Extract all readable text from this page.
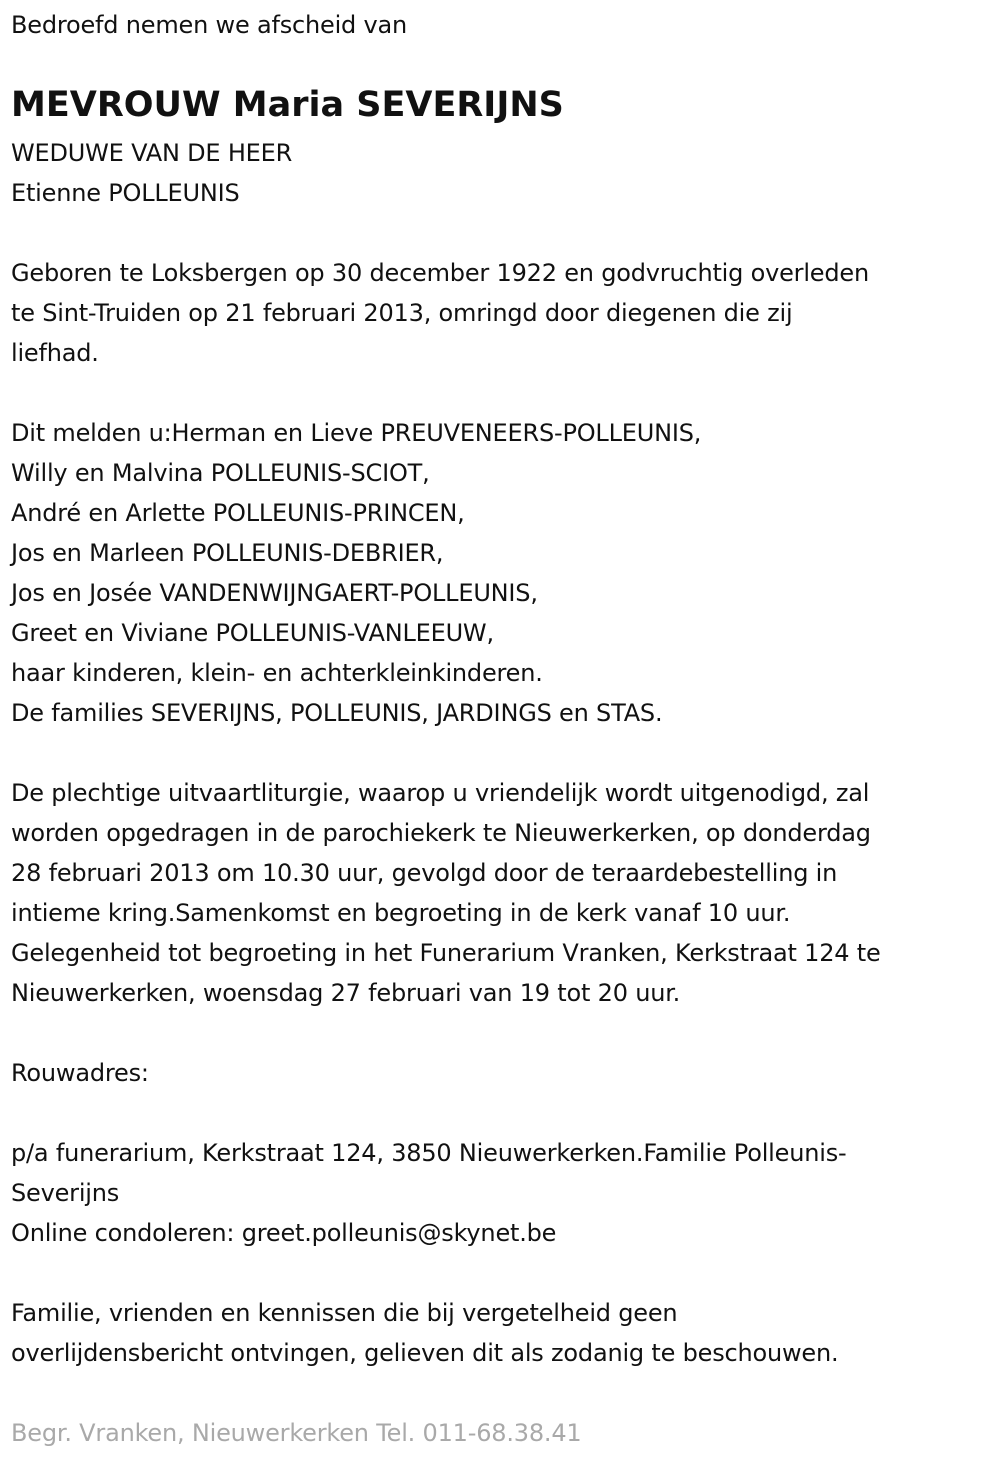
Bedroefd nemen we afscheid van
MEVROUW Maria SEVERIJNS
WEDUWE VAN DE HEER
Etienne POLLEUNIS
Geboren te Loksbergen op 30 december 1922 en godvruchtig overleden
te Sint-Truiden op 21 februari 2013, omringd door diegenen die zij
liefhad.
Dit melden u:Herman en Lieve PREUVENEERS-POLLEUNIS,
Willy en Malvina POLLEUNIS-SCIOT,
André en Arlette POLLEUNIS-PRINCEN,
Jos en Marleen POLLEUNIS-DEBRIER,
Jos en Josée VANDENWIJNGAERT-POLLEUNIS,
Greet en Viviane POLLEUNIS-VANLEEUW,
haar kinderen, klein- en achterkleinkinderen.
De families SEVERIJNS, POLLEUNIS, JARDINGS en STAS.
De plechtige uitvaartliturgie, waarop u vriendelijk wordt uitgenodigd, zal
worden opgedragen in de parochiekerk te Nieuwerkerken, op donderdag
28 februari 2013 om 10.30 uur, gevolgd door de teraardebestelling in
intieme kring.Samenkomst en begroeting in de kerk vanaf 10 uur.
Gelegenheid tot begroeting in het Funerarium Vranken, Kerkstraat 124 te
Nieuwerkerken, woensdag 27 februari van 19 tot 20 uur.
Rouwadres:
p/a funerarium, Kerkstraat 124, 3850 Nieuwerkerken.Familie Polleunis-
Severijns
Online condoleren: greet.polleunis@skynet.be
Familie, vrienden en kennissen die bij vergetelheid geen
overlijdensbericht ontvingen, gelieven dit als zodanig te beschouwen.
Begr. Vranken, Nieuwerkerken Tel. 011-68.38.41
